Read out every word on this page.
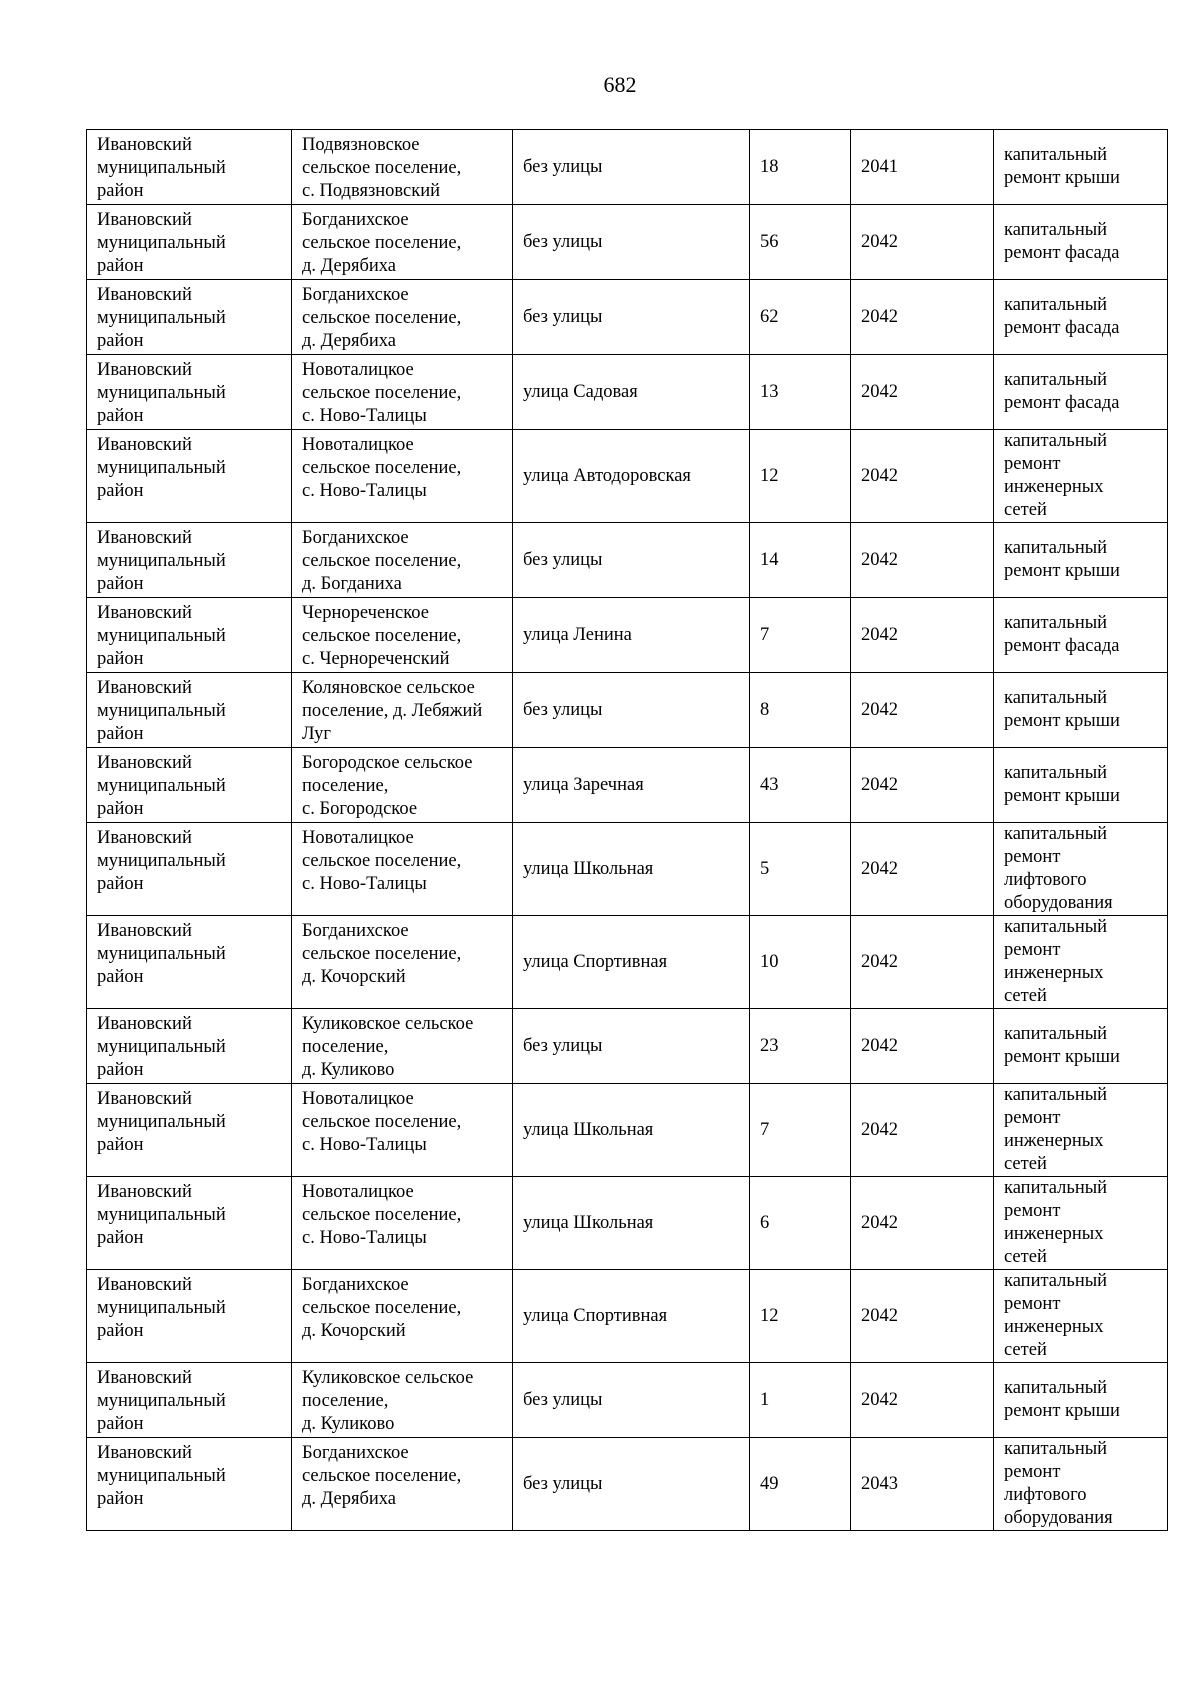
682
Ивановский
муниципальный
район	Подвязновское
сельское поселение,
с. Подвязновский	без улицы	18	2041	капитальный
ремонт крыши

Ивановский
муниципальный
район	Богданихское
сельское поселение,
д. Дерябиха	без улицы	56	2042	капитальный
ремонт фасада

Ивановский
муниципальный
район	Богданихское
сельское поселение,
д. Дерябиха	без улицы	62	2042	капитальный
ремонт фасада

Ивановский
муниципальный
район	Новоталицкое
сельское поселение,
с. Ново-Талицы	улица Садовая	13	2042	капитальный
ремонт фасада

Ивановский
муниципальный
район	Новоталицкое
сельское поселение,
с. Ново-Талицы	улица Автодоровская	12	2042	капитальный
ремонт
инженерных
сетей

Ивановский
муниципальный
район	Богданихское
сельское поселение,
д. Богданиха	без улицы	14	2042	капитальный
ремонт крыши

Ивановский
муниципальный
район	Чернореченское
сельское поселение,
с. Чернореченский	улица Ленина	7	2042	капитальный
ремонт фасада

Ивановский
муниципальный
район	Коляновское сельское
поселение, д. Лебяжий
Луг	без улицы	8	2042	капитальный
ремонт крыши

Ивановский
муниципальный
район	Богородское сельское
поселение,
с. Богородское	улица Заречная	43	2042	капитальный
ремонт крыши

Ивановский
муниципальный
район	Новоталицкое
сельское поселение,
с. Ново-Талицы	улица Школьная	5	2042	капитальный
ремонт
лифтового
оборудования

Ивановский
муниципальный
район	Богданихское
сельское поселение,
д. Кочорский	улица Спортивная	10	2042	капитальный
ремонт
инженерных
сетей

Ивановский
муниципальный
район	Куликовское сельское
поселение,
д. Куликово	без улицы	23	2042	капитальный
ремонт крыши

Ивановский
муниципальный
район	Новоталицкое
сельское поселение,
с. Ново-Талицы	улица Школьная	7	2042	капитальный
ремонт
инженерных
сетей

Ивановский
муниципальный
район	Новоталицкое
сельское поселение,
с. Ново-Талицы	улица Школьная	6	2042	капитальный
ремонт
инженерных
сетей

Ивановский
муниципальный
район	Богданихское
сельское поселение,
д. Кочорский	улица Спортивная	12	2042	капитальный
ремонт
инженерных
сетей

Ивановский
муниципальный
район	Куликовское сельское
поселение,
д. Куликово	без улицы	1	2042	капитальный
ремонт крыши

Ивановский
муниципальный
район	Богданихское
сельское поселение,
д. Дерябиха	без улицы	49	2043	капитальный
ремонт
лифтового
оборудования
